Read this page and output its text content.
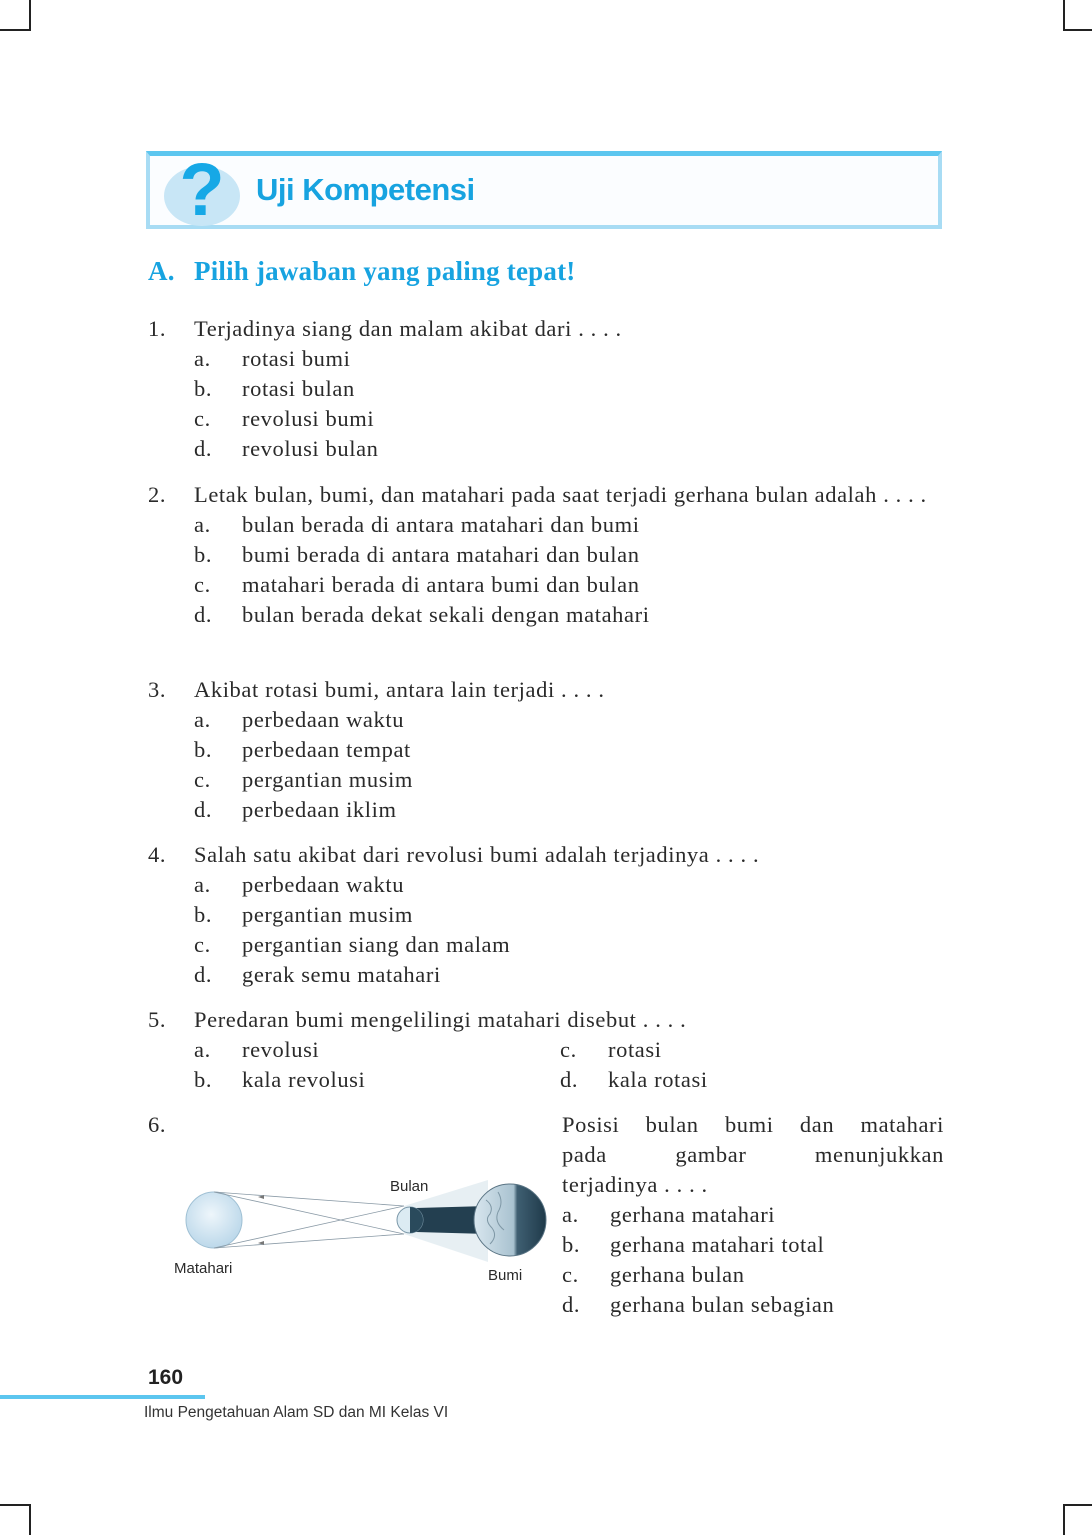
?	Uji Kompetensi
A. Pilih jawaban yang paling tepat!
1. Terjadinya siang dan malam akibat dari . . . .
a.	rotasi bumi
b.	rotasi bulan
c.	revolusi bumi
d.	revolusi bulan
2. Letak bulan, bumi, dan matahari pada saat terjadi gerhana bulan adalah . . . .
a.	bulan berada di antara matahari dan bumi
b.	bumi berada di antara matahari dan bulan
c.	matahari berada di antara bumi dan bulan
d.	bulan berada dekat sekali dengan matahari
3. Akibat rotasi bumi, antara lain terjadi . . . .
a.	perbedaan waktu
b.	perbedaan tempat
c.	pergantian musim
d.	perbedaan iklim
4. Salah satu akibat dari revolusi bumi adalah terjadinya . . . .
a.	perbedaan waktu
b.	pergantian musim
c.	pergantian siang dan malam
d.	gerak semu matahari
5. Peredaran bumi mengelilingi matahari disebut . . . .
a.	revolusi	c.	rotasi
b.	kala revolusi	d.	kala rotasi
6.
Bulan
Matahari	Bumi
Posisi bulan bumi dan matahari
pada gambar menunjukkan
terjadinya . . . .
a.	gerhana matahari
b.	gerhana matahari total
c.	gerhana bulan
d.	gerhana bulan sebagian
160
Ilmu Pengetahuan Alam SD dan MI Kelas VI
